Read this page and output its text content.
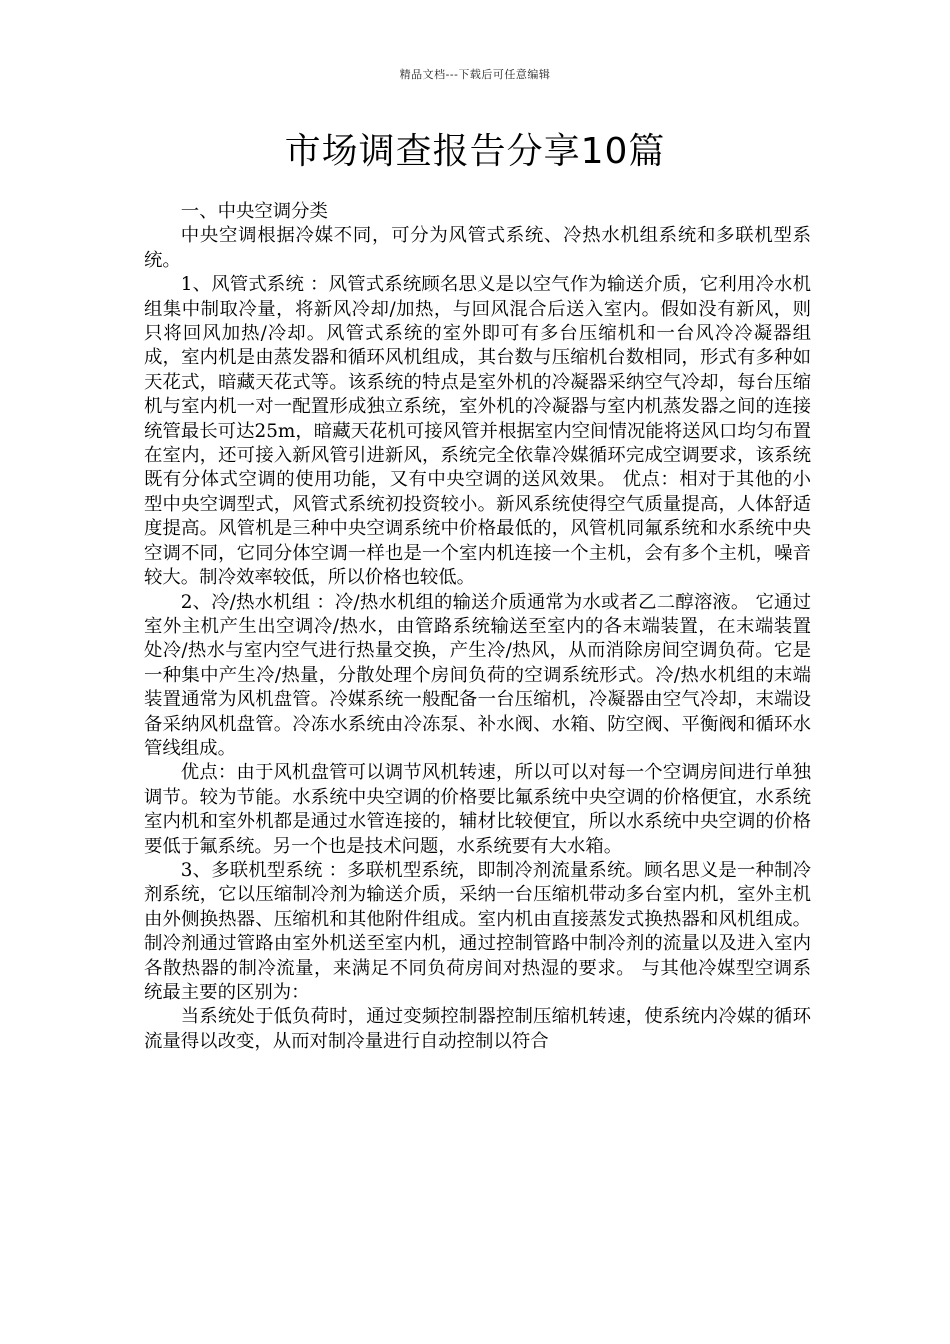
精品文档---下载后可任意编辑
市场调查报告分享10篇

一、中央空调分类

中央空调根据冷媒不同，可分为风管式系统、冷热水机组系统和多联机型系统。

1、风管式系统 ：风管式系统顾名思义是以空气作为输送介质，它利用冷水机组集中制取冷量，将新风冷却/加热，与回风混合后送入室内。假如没有新风，则只将回风加热/冷却。风管式系统的室外即可有多台压缩机和一台风冷冷凝器组成，室内机是由蒸发器和循环风机组成，其台数与压缩机台数相同，形式有多种如天花式，暗藏天花式等。该系统的特点是室外机的冷凝器采纳空气冷却，每台压缩机与室内机一对一配置形成独立系统，室外机的冷凝器与室内机蒸发器之间的连接统管最长可达25m，暗藏天花机可接风管并根据室内空间情况能将送风口均匀布置在室内，还可接入新风管引进新风，系统完全依靠冷媒循环完成空调要求，该系统既有分体式空调的使用功能，又有中央空调的送风效果。 优点：相对于其他的小型中央空调型式，风管式系统初投资较小。新风系统使得空气质量提高，人体舒适度提高。风管机是三种中央空调系统中价格最低的，风管机同氟系统和水系统中央空调不同，它同分体空调一样也是一个室内机连接一个主机，会有多个主机，噪音较大。制冷效率较低，所以价格也较低。

2、冷/热水机组 ：冷/热水机组的输送介质通常为水或者乙二醇溶液。 它通过室外主机产生出空调冷/热水，由管路系统输送至室内的各末端装置，在末端装置处冷/热水与室内空气进行热量交换，产生冷/热风，从而消除房间空调负荷。它是一种集中产生冷/热量，分散处理个房间负荷的空调系统形式。冷/热水机组的末端装置通常为风机盘管。冷媒系统一般配备一台压缩机，冷凝器由空气冷却，末端设备采纳风机盘管。冷冻水系统由冷冻泵、补水阀、水箱、防空阀、平衡阀和循环水管线组成。

优点：由于风机盘管可以调节风机转速，所以可以对每一个空调房间进行单独调节。较为节能。水系统中央空调的价格要比氟系统中央空调的价格便宜，水系统室内机和室外机都是通过水管连接的，辅材比较便宜，所以水系统中央空调的价格要低于氟系统。另一个也是技术问题，水系统要有大水箱。

3、多联机型系统 ：多联机型系统，即制冷剂流量系统。顾名思义是一种制冷剂系统，它以压缩制冷剂为输送介质，采纳一台压缩机带动多台室内机，室外主机由外侧换热器、压缩机和其他附件组成。室内机由直接蒸发式换热器和风机组成。制冷剂通过管路由室外机送至室内机，通过控制管路中制冷剂的流量以及进入室内各散热器的制冷流量，来满足不同负荷房间对热湿的要求。 与其他冷媒型空调系统最主要的区别为：

当系统处于低负荷时，通过变频控制器控制压缩机转速，使系统内冷媒的循环流量得以改变，从而对制冷量进行自动控制以符合
